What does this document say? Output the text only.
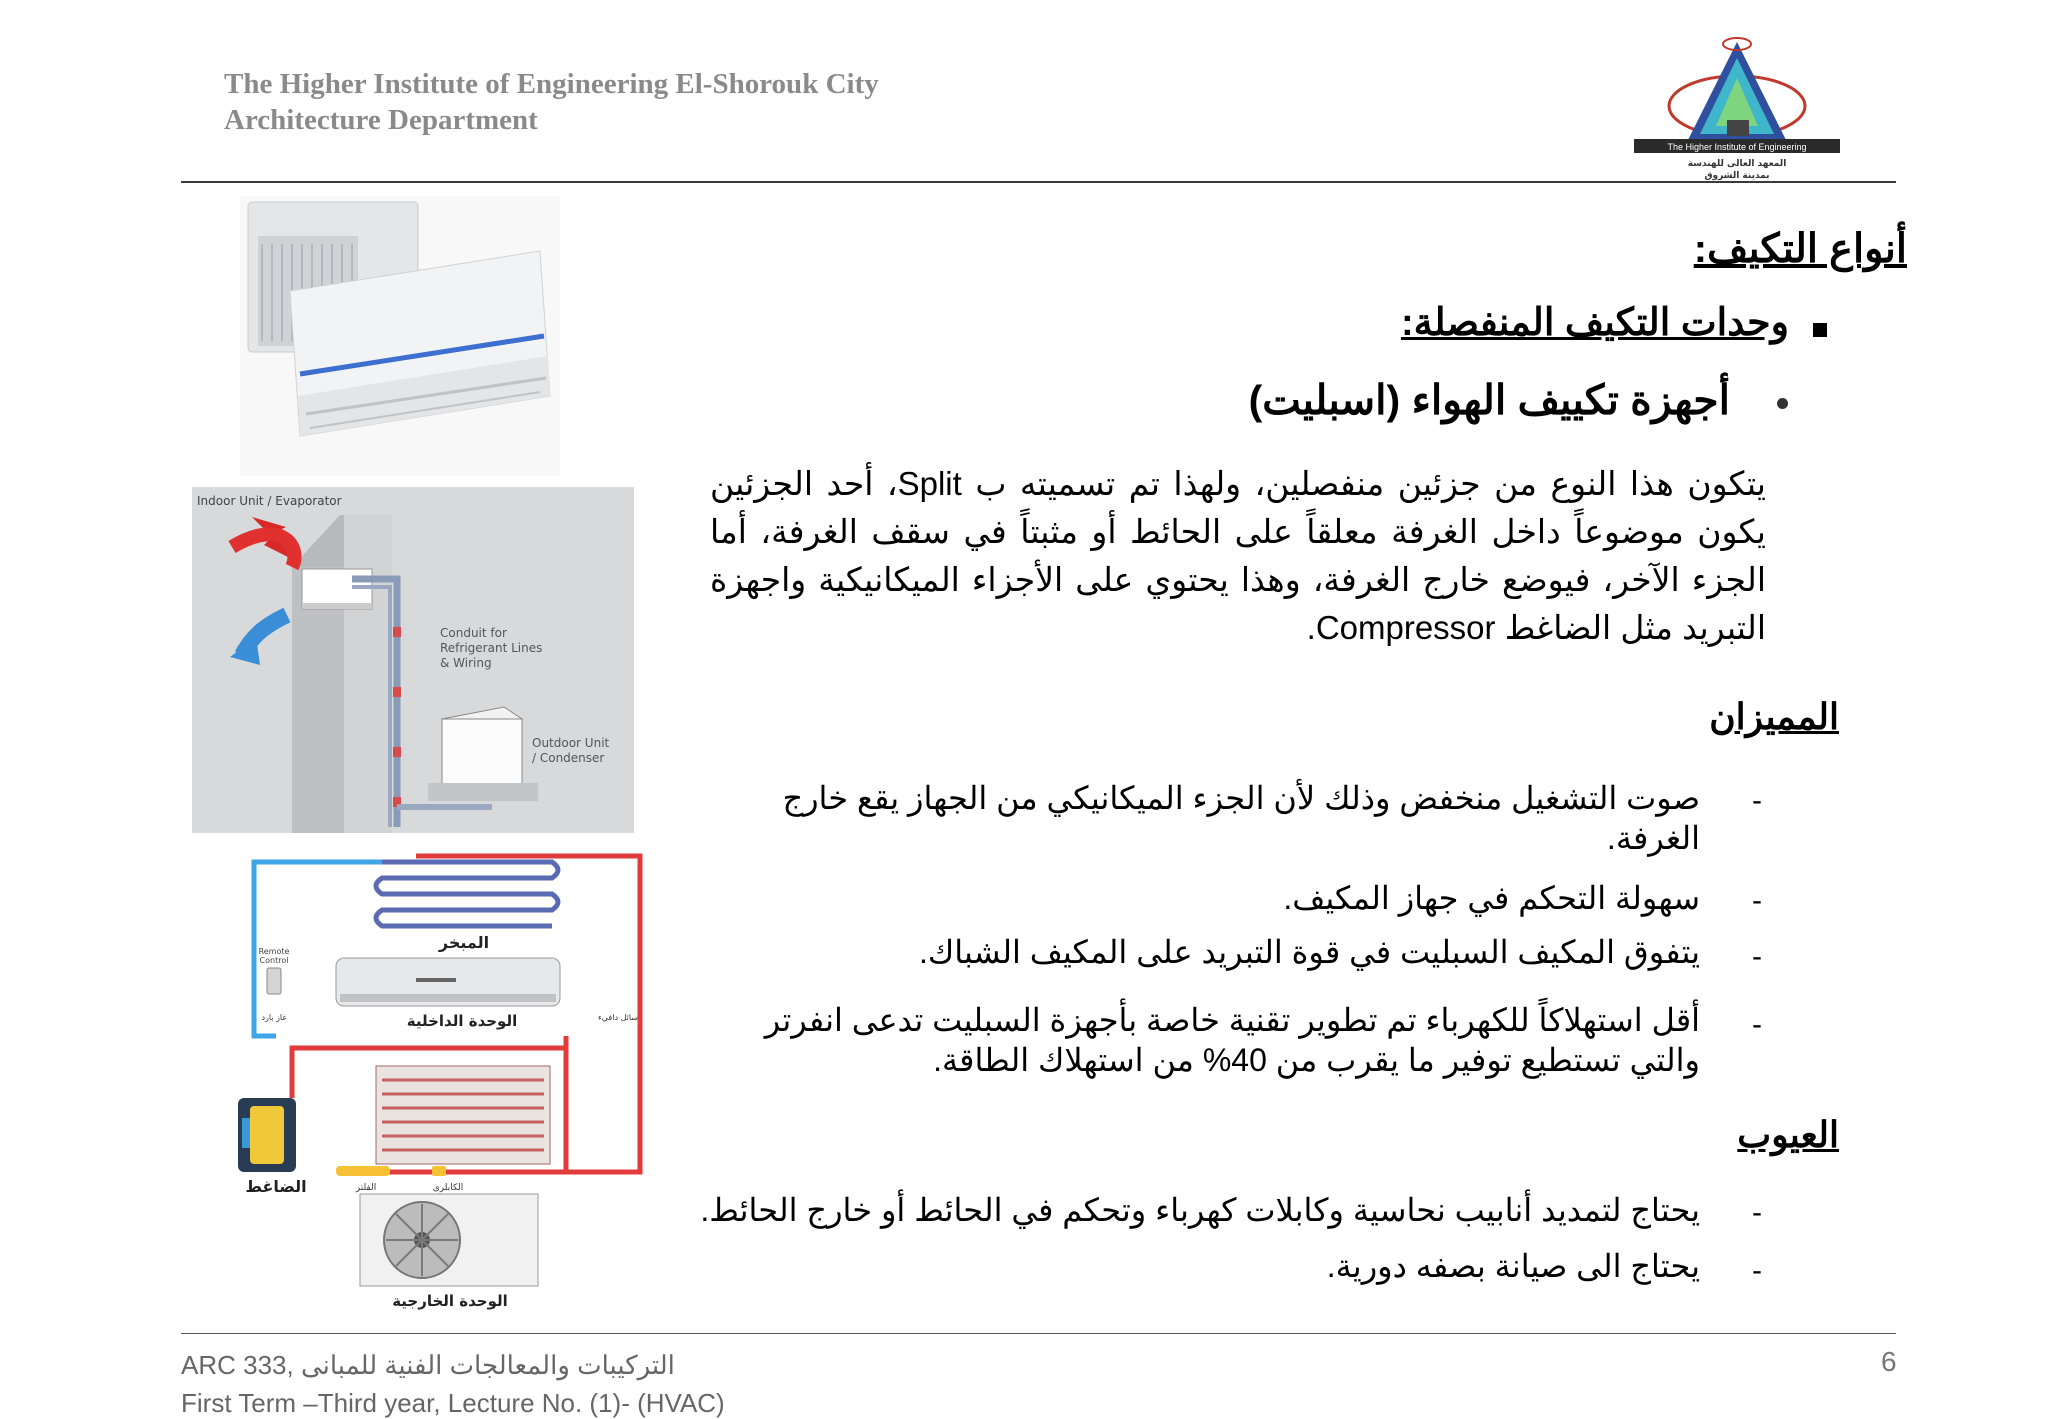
The Higher Institute of Engineering El-Shorouk City
Architecture Department
The Higher Institute of Engineering
المعهد العالى للهندسة
بمدينة الشروق
Indoor Unit / Evaporator
Conduit for
Refrigerant Lines
& Wiring
Outdoor Unit
/ Condenser
المبخر
الوحدة الداخلية
Remote
Control
غاز بارد	سائل دافيء
الضاغط	الفلتر	الكابلرى
الوحدة الخارجية
أنواع التكيف:
وحدات التكيف المنفصلة:
أجهزة تكييف الهواء (اسبليت)
يتكون هذا النوع من جزئين منفصلين، ولهذا تم تسميته ب Split، أحد الجزئين يكون موضوعاً داخل الغرفة معلقاً على الحائط أو مثبتاً في سقف الغرفة، أما الجزء الآخر، فيوضع خارج الغرفة، وهذا يحتوي على الأجزاء الميكانيكية واجهزة التبريد مثل الضاغط Compressor.
المميزان
-
صوت التشغيل منخفض وذلك لأن الجزء الميكانيكي من الجهاز يقع خارج الغرفة.
-
سهولة التحكم في جهاز المكيف.
-
يتفوق المكيف السبليت في قوة التبريد على المكيف الشباك.
-
أقل استهلاكاً للكهرباء تم تطوير تقنية خاصة بأجهزة السبليت تدعى انفرتر والتي تستطيع توفير ما يقرب من 40% من استهلاك الطاقة.
العيوب
-
يحتاج لتمديد أنابيب نحاسية وكابلات كهرباء وتحكم في الحائط أو خارج الحائط.
-
يحتاج الى صيانة بصفه دورية.
ARC 333, التركيبات والمعالجات الفنية للمبانى
First Term –Third year, Lecture No. (1)- (HVAC)
6
